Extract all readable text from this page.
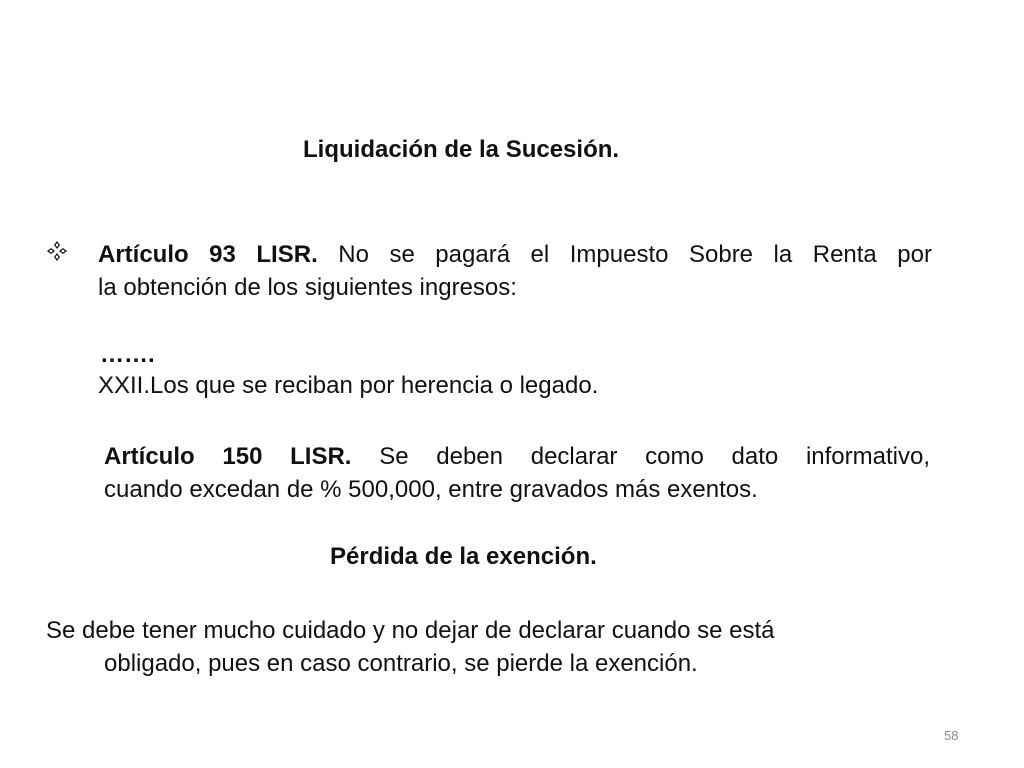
Liquidación de la Sucesión.

Artículo 93 LISR. No se pagará el Impuesto Sobre la Renta por
la obtención de los siguientes ingresos:

…….

XXII.Los que se reciban por herencia o legado.

Artículo 150 LISR. Se deben declarar como dato informativo,
cuando excedan de % 500,000, entre gravados más exentos.

Pérdida de la exención.

Se debe tener mucho cuidado y no dejar de declarar cuando se está
obligado, pues en caso contrario, se pierde la exención.

58
